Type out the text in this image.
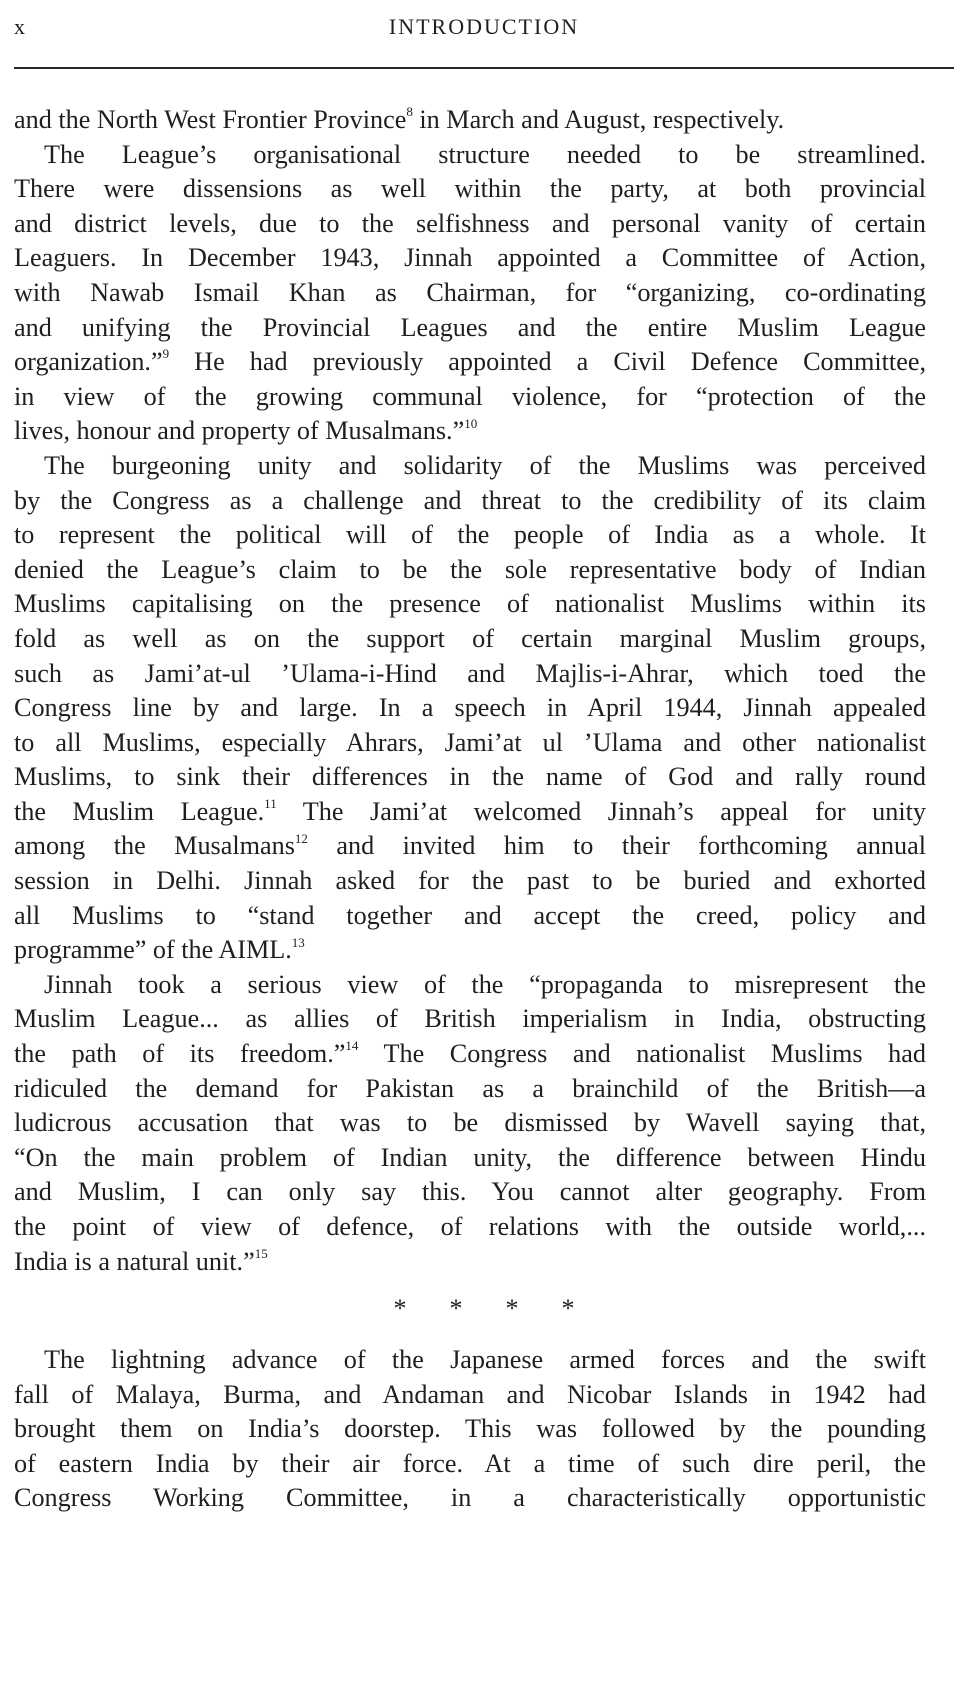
x	INTRODUCTION
and the North West Frontier Province$^8$ in March and August, respectively.
The League’s organisational structure needed to be streamlined.
There were dissensions as well within the party, at both provincial
and district levels, due to the selfishness and personal vanity of certain
Leaguers. In December 1943, Jinnah appointed a Committee of Action,
with Nawab Ismail Khan as Chairman, for “organizing, co-ordinating
and unifying the Provincial Leagues and the entire Muslim League
organization.”$^9$ He had previously appointed a Civil Defence Committee,
in view of the growing communal violence, for “protection of the
lives, honour and property of Musalmans.”$^{10}$
The burgeoning unity and solidarity of the Muslims was perceived
by the Congress as a challenge and threat to the credibility of its claim
to represent the political will of the people of India as a whole. It
denied the League’s claim to be the sole representative body of Indian
Muslims capitalising on the presence of nationalist Muslims within its
fold as well as on the support of certain marginal Muslim groups,
such as Jami’at-ul ’Ulama-i-Hind and Majlis-i-Ahrar, which toed the
Congress line by and large. In a speech in April 1944, Jinnah appealed
to all Muslims, especially Ahrars, Jami’at ul ’Ulama and other nationalist
Muslims, to sink their differences in the name of God and rally round
the Muslim League.$^{11}$ The Jami’at welcomed Jinnah’s appeal for unity
among the Musalmans$^{12}$ and invited him to their forthcoming annual
session in Delhi. Jinnah asked for the past to be buried and exhorted
all Muslims to “stand together and accept the creed, policy and
programme” of the AIML.$^{13}$
Jinnah took a serious view of the “propaganda to misrepresent the
Muslim League... as allies of British imperialism in India, obstructing
the path of its freedom.”$^{14}$ The Congress and nationalist Muslims had
ridiculed the demand for Pakistan as a brainchild of the British—a
ludicrous accusation that was to be dismissed by Wavell saying that,
“On the main problem of Indian unity, the difference between Hindu
and Muslim, I can only say this. You cannot alter geography. From
the point of view of defence, of relations with the outside world,...
India is a natural unit.”$^{15}$
* * * *
The lightning advance of the Japanese armed forces and the swift
fall of Malaya, Burma, and Andaman and Nicobar Islands in 1942 had
brought them on India’s doorstep. This was followed by the pounding
of eastern India by their air force. At a time of such dire peril, the
Congress Working Committee, in a characteristically opportunistic
